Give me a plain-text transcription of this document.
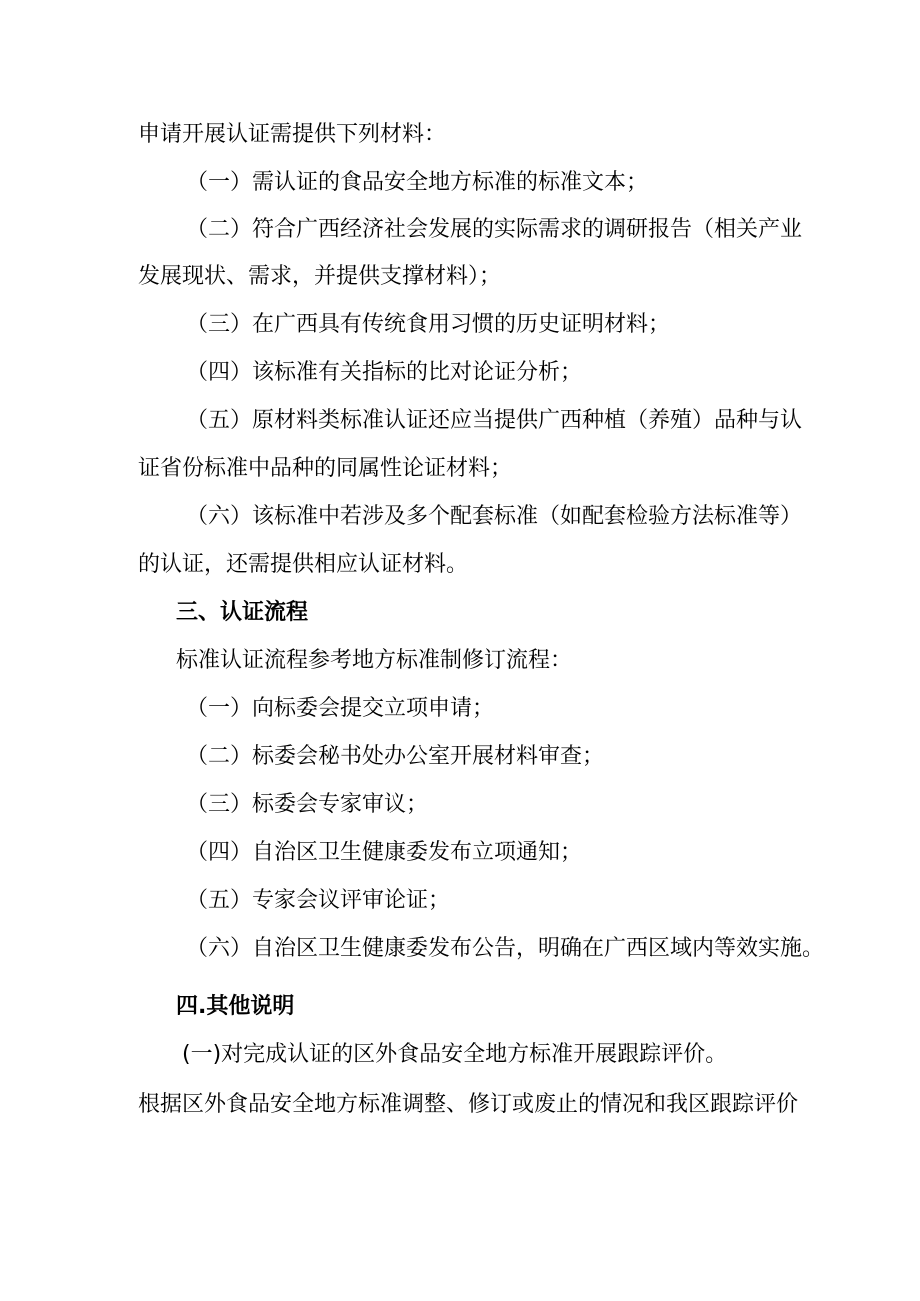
申请开展认证需提供下列材料：
（一）需认证的食品安全地方标准的标准文本；
（二）符合广西经济社会发展的实际需求的调研报告（相关产业
发展现状、需求，并提供支撑材料）；
（三）在广西具有传统食用习惯的历史证明材料；
（四）该标准有关指标的比对论证分析；
（五）原材料类标准认证还应当提供广西种植（养殖）品种与认
证省份标准中品种的同属性论证材料；
（六）该标准中若涉及多个配套标准（如配套检验方法标准等）
的认证，还需提供相应认证材料。
三、认证流程
标准认证流程参考地方标准制修订流程：
（一）向标委会提交立项申请；
（二）标委会秘书处办公室开展材料审查；
（三）标委会专家审议；
（四）自治区卫生健康委发布立项通知；
（五）专家会议评审论证；
（六）自治区卫生健康委发布公告，明确在广西区域内等效实施。
四.其他说明
(一)对完成认证的区外食品安全地方标准开展跟踪评价。
根据区外食品安全地方标准调整、修订或废止的情况和我区跟踪评价
